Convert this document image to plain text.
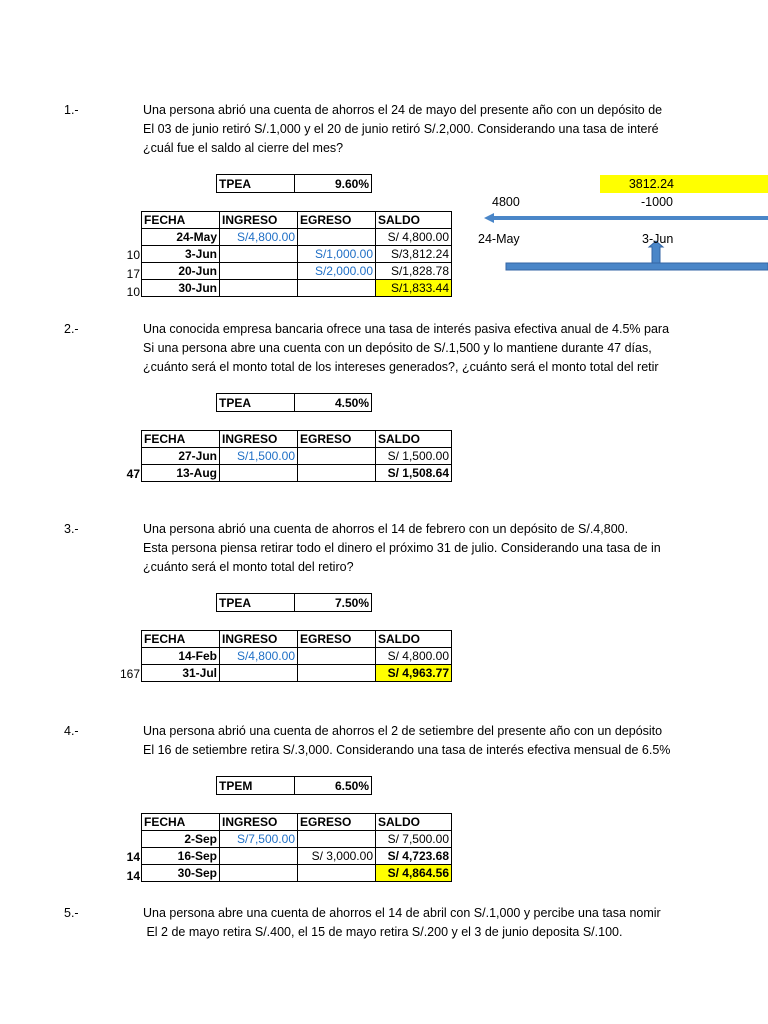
1.-	Una persona abrió una cuenta de ahorros el 24 de mayo del presente año con un depósito de
El 03 de junio retiró S/.1,000 y el 20 de junio retiró S/.2,000. Considerando una tasa de interé
¿cuál fue el saldo al cierre del mes?
TPEA	9.60%
FECHA	INGRESO	EGRESO	SALDO
24-May	S/4,800.00		S/ 4,800.00
3-Jun		S/1,000.00	S/3,812.24
20-Jun		S/2,000.00	S/1,828.78
30-Jun			S/1,833.44
10
17
10
3812.24
4800	-1000
24-May	3-Jun
2.-	Una conocida empresa bancaria ofrece una tasa de interés pasiva efectiva anual de 4.5% para
Si una persona abre una cuenta con un depósito de S/.1,500 y lo mantiene durante 47 días,
¿cuánto será el monto total de los intereses generados?, ¿cuánto será el monto total del retir
TPEA	4.50%
FECHA	INGRESO	EGRESO	SALDO
27-Jun	S/1,500.00		S/ 1,500.00
13-Aug			S/ 1,508.64
47
3.-	Una persona abrió una cuenta de ahorros el 14 de febrero con un depósito de S/.4,800.
Esta persona piensa retirar todo el dinero el próximo 31 de julio. Considerando una tasa de in
¿cuánto será el monto total del retiro?
TPEA	7.50%
FECHA	INGRESO	EGRESO	SALDO
14-Feb	S/4,800.00		S/ 4,800.00
31-Jul			S/ 4,963.77
167
4.-	Una persona abrió una cuenta de ahorros el 2 de setiembre del presente año con un depósito
El 16 de setiembre retira S/.3,000. Considerando una tasa de interés efectiva mensual de 6.5%
TPEM	6.50%
FECHA	INGRESO	EGRESO	SALDO
2-Sep	S/7,500.00		S/ 7,500.00
16-Sep		S/ 3,000.00	S/ 4,723.68
30-Sep			S/ 4,864.56
14
14
5.-	Una persona abre una cuenta de ahorros el 14 de abril con S/.1,000 y percibe una tasa nomir
El 2 de mayo retira S/.400, el 15 de mayo retira S/.200 y el 3 de junio deposita S/.100.
